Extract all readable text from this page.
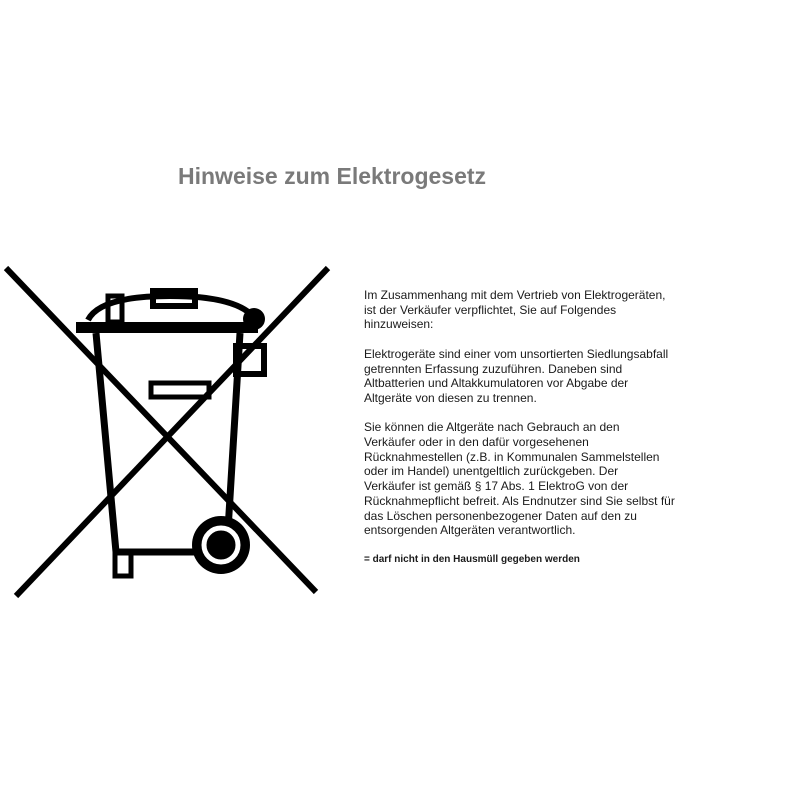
Hinweise zum Elektrogesetz

Im Zusammenhang mit dem Vertrieb von Elektrogeräten,
ist der Verkäufer verpflichtet, Sie auf Folgendes
hinzuweisen:

Elektrogeräte sind einer vom unsortierten Siedlungsabfall
getrennten Erfassung zuzuführen. Daneben sind
Altbatterien und Altakkumulatoren vor Abgabe der
Altgeräte von diesen zu trennen.

Sie können die Altgeräte nach Gebrauch an den
Verkäufer oder in den dafür vorgesehenen
Rücknahmestellen (z.B. in Kommunalen Sammelstellen
oder im Handel) unentgeltlich zurückgeben. Der
Verkäufer ist gemäß § 17 Abs. 1 ElektroG von der
Rücknahmepflicht befreit. Als Endnutzer sind Sie selbst für
das Löschen personenbezogener Daten auf den zu
entsorgenden Altgeräten verantwortlich.

= darf nicht in den Hausmüll gegeben werden
